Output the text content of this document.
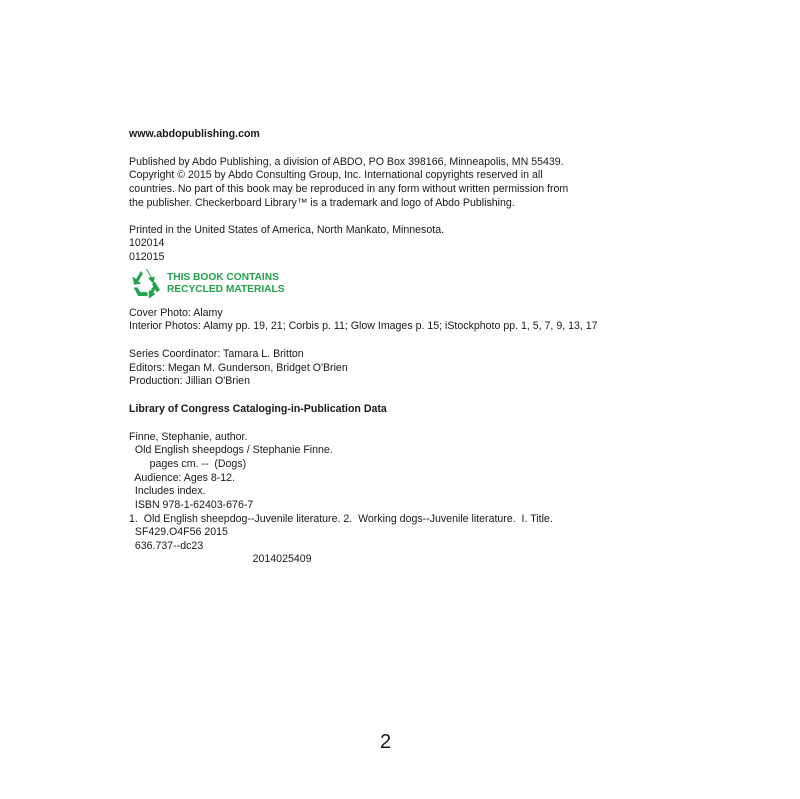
www.abdopublishing.com
Published by Abdo Publishing, a division of ABDO, PO Box 398166, Minneapolis, MN 55439.
Copyright © 2015 by Abdo Consulting Group, Inc. International copyrights reserved in all
countries. No part of this book may be reproduced in any form without written permission from
the publisher. Checkerboard Library™ is a trademark and logo of Abdo Publishing.
Printed in the United States of America, North Mankato, Minnesota.
102014
012015
THIS BOOK CONTAINS
RECYCLED MATERIALS
Cover Photo: Alamy
Interior Photos: Alamy pp. 19, 21; Corbis p. 11; Glow Images p. 15; iStockphoto pp. 1, 5, 7, 9, 13, 17
Series Coordinator: Tamara L. Britton
Editors: Megan M. Gunderson, Bridget O'Brien
Production: Jillian O'Brien
Library of Congress Cataloging-in-Publication Data
Finne, Stephanie, author.
Old English sheepdogs / Stephanie Finne.
pages cm. --  (Dogs)
Audience: Ages 8-12.
Includes index.
ISBN 978-1-62403-676-7
1.  Old English sheepdog--Juvenile literature. 2.  Working dogs--Juvenile literature.  I. Title.
SF429.O4F56 2015
636.737--dc23
2014025409
2
